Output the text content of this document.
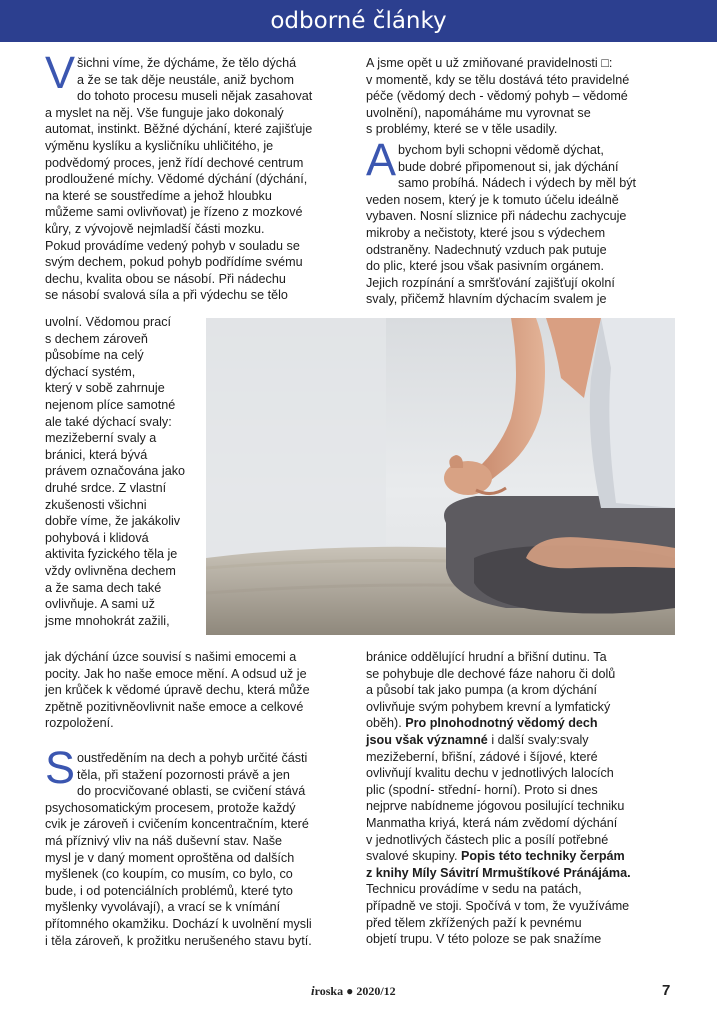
odborné články
V šichni víme, že dýcháme, že tělo dýchá
a že se tak děje neustále, aniž bychom
do tohoto procesu museli nějak zasahovat
a myslet na něj. Vše funguje jako dokonalý
automat, instinkt. Běžné dýchání, které zajišťuje
výměnu kyslíku a kysličníku uhličitého, je
podvědomý proces, jenž řídí dechové centrum
prodloužené míchy. Vědomé dýchání (dýchání,
na které se soustředíme a jehož hloubku
můžeme sami ovlivňovat) je řízeno z mozkové
kůry, z vývojově nejmladší části mozku.
Pokud provádíme vedený pohyb v souladu se
svým dechem, pokud pohyb podřídíme svému
dechu, kvalita obou se násobí. Při nádechu
se násobí svalová síla a při výdechu se tělo
uvolní. Vědomou prací
s dechem zároveň
působíme na celý
dýchací systém,
který v sobě zahrnuje
nejenom plíce samotné
ale také dýchací svaly:
mezižeberní svaly a
bránici, která bývá
právem označována jako
druhé srdce. Z vlastní
zkušenosti všichni
dobře víme, že jakákoliv
pohybová i klidová
aktivita fyzického těla je
vždy ovlivněna dechem
a že sama dech také
ovlivňuje. A sami už
jsme mnohokrát zažili,
jak dýchání úzce souvisí s našimi emocemi a
pocity. Jak ho naše emoce mění. A odsud už je
jen krůček k vědomé úpravě dechu, která může
zpětně pozitivněovlivnit naše emoce a celkové
rozpoložení.
S oustředěním na dech a pohyb určité části
těla, při stažení pozornosti právě a jen
do procvičované oblasti, se cvičení stává
psychosomatickým procesem, protože každý
cvik je zároveň i cvičením koncentračním, které
má příznivý vliv na náš duševní stav. Naše
mysl je v daný moment oproštěna od dalších
myšlenek (co koupím, co musím, co bylo, co
bude, i od potenciálních problémů, které tyto
myšlenky vyvolávají), a vrací se k vnímání
přítomného okamžiku. Dochází k uvolnění mysli
i těla zároveň, k prožitku nerušeného stavu bytí.
A jsme opět u už zmiňované pravidelnosti □:
v momentě, kdy se tělu dostává této pravidelné
péče (vědomý dech - vědomý pohyb – vědomé
uvolnění), napomáháme mu vyrovnat se
s problémy, které se v těle usadily.
A bychom byli schopni vědomě dýchat,
bude dobré připomenout si, jak dýchání
samo probíhá. Nádech i výdech by měl být
veden nosem, který je k tomuto účelu ideálně
vybaven. Nosní sliznice při nádechu zachycuje
mikroby a nečistoty, které jsou s výdechem
odstraněny. Nadechnutý vzduch pak putuje
do plic, které jsou však pasivním orgánem.
Jejich rozpínání a smršťování zajišťují okolní
svaly, přičemž hlavním dýchacím svalem je
bránice oddělující hrudní a břišní dutinu. Ta
se pohybuje dle dechové fáze nahoru či dolů
a působí tak jako pumpa (a krom dýchání
ovlivňuje svým pohybem krevní a lymfatický
oběh). Pro plnohodnotný vědomý dech
jsou však významné i další svaly:svaly
mezižeberní, břišní, zádové i šíjové, které
ovlivňují kvalitu dechu v jednotlivých lalocích
plic (spodní- střední- horní). Proto si dnes
nejprve nabídneme jógovou posilující techniku
Manmatha kriyá, která nám zvědomí dýchání
v jednotlivých částech plic a posílí potřebné
svalové skupiny. Popis této techniky čerpám
z knihy Míly Sávitrí Mrmuštíkové Pránájáma.
Technicu provádíme v sedu na patách,
případně ve stoji. Spočívá v tom, že využíváme
před tělem zkřížených paží k pevnému
objetí trupu. V této poloze se pak snažíme
iroska ● 2020/12	7
